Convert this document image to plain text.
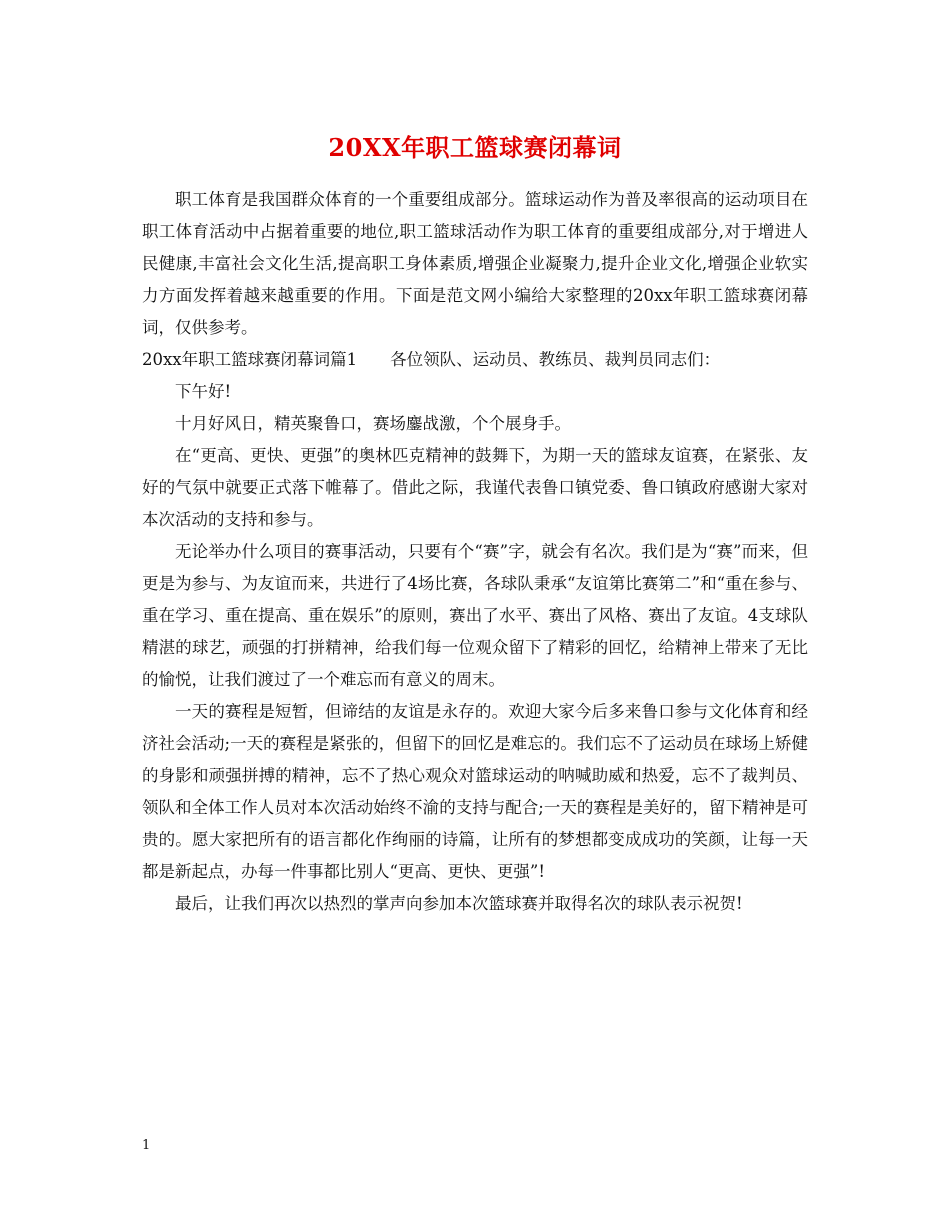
20XX年职工篮球赛闭幕词

职工体育是我国群众体育的一个重要组成部分。篮球运动作为普及率很高的运动项目在职工体育活动中占据着重要的地位,职工篮球活动作为职工体育的重要组成部分,对于增进人民健康,丰富社会文化生活,提高职工身体素质,增强企业凝聚力,提升企业文化,增强企业软实力方面发挥着越来越重要的作用。下面是范文网小编给大家整理的20xx年职工篮球赛闭幕词，仅供参考。

20xx年职工篮球赛闭幕词篇1　　各位领队、运动员、教练员、裁判员同志们：

下午好!

十月好风日，精英聚鲁口，赛场鏖战激，个个展身手。

在“更高、更快、更强”的奥林匹克精神的鼓舞下，为期一天的篮球友谊赛，在紧张、友好的气氛中就要正式落下帷幕了。借此之际，我谨代表鲁口镇党委、鲁口镇政府感谢大家对本次活动的支持和参与。

无论举办什么项目的赛事活动，只要有个“赛”字，就会有名次。我们是为“赛”而来，但更是为参与、为友谊而来，共进行了4场比赛，各球队秉承“友谊第比赛第二”和“重在参与、重在学习、重在提高、重在娱乐”的原则，赛出了水平、赛出了风格、赛出了友谊。4支球队精湛的球艺，顽强的打拼精神，给我们每一位观众留下了精彩的回忆，给精神上带来了无比的愉悦，让我们渡过了一个难忘而有意义的周末。

一天的赛程是短暂，但谛结的友谊是永存的。欢迎大家今后多来鲁口参与文化体育和经济社会活动;一天的赛程是紧张的，但留下的回忆是难忘的。我们忘不了运动员在球场上矫健的身影和顽强拼搏的精神，忘不了热心观众对篮球运动的呐喊助威和热爱，忘不了裁判员、领队和全体工作人员对本次活动始终不渝的支持与配合;一天的赛程是美好的，留下精神是可贵的。愿大家把所有的语言都化作绚丽的诗篇，让所有的梦想都变成成功的笑颜，让每一天都是新起点，办每一件事都比别人“更高、更快、更强”!

最后，让我们再次以热烈的掌声向参加本次篮球赛并取得名次的球队表示祝贺!

1
